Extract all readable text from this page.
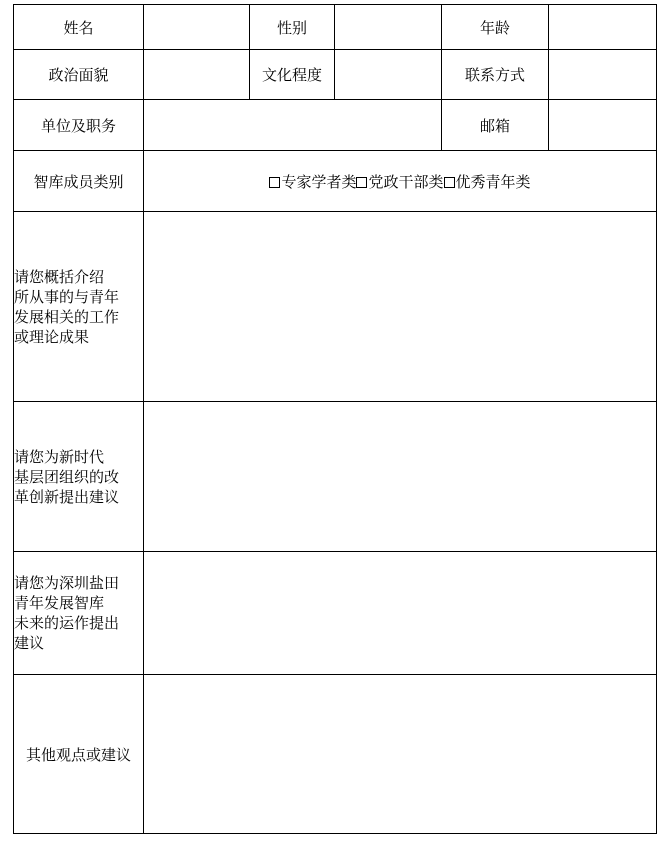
姓名		性别		年龄	
政治面貌		文化程度		联系方式	
单位及职务				邮箱	
智库成员类别	专家学者类 党政干部类 优秀青年类				

请您概括介绍
所从事的与青年
发展相关的工作
或理论成果					

请您为新时代
基层团组织的改
革创新提出建议					

请您为深圳盐田
青年发展智库
未来的运作提出
建议					

其他观点或建议					
